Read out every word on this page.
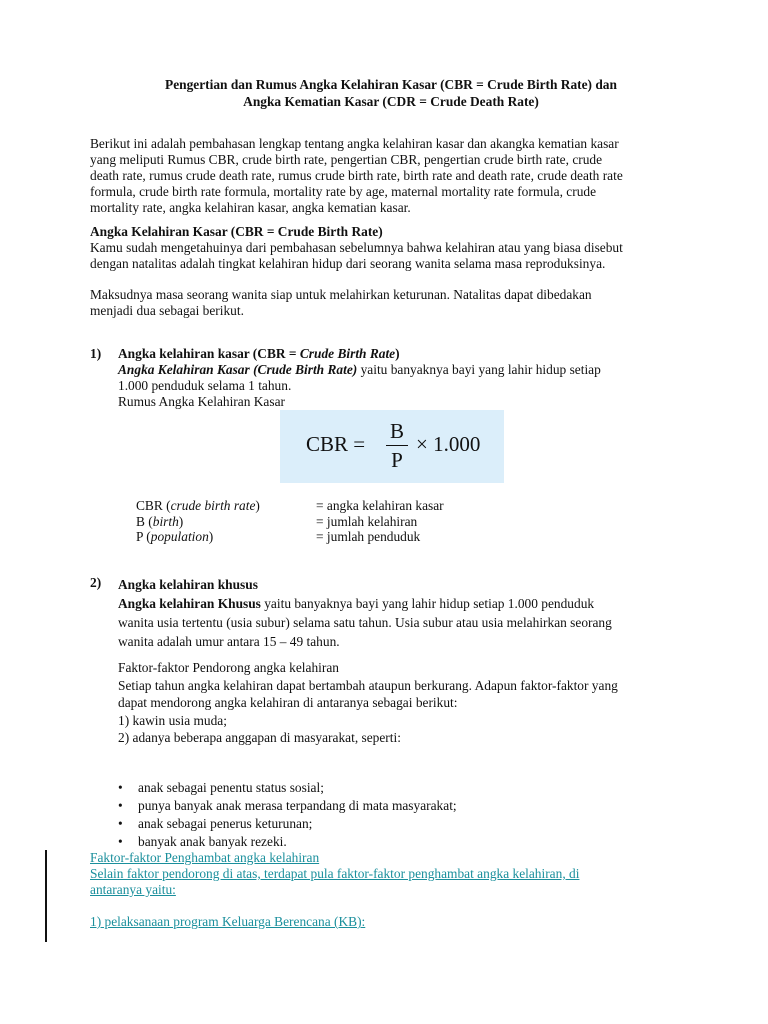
Pengertian dan Rumus Angka Kelahiran Kasar (CBR = Crude Birth Rate) dan
Angka Kematian Kasar (CDR = Crude Death Rate)
Berikut ini adalah pembahasan lengkap tentang angka kelahiran kasar dan akangka kematian kasar
yang meliputi Rumus CBR, crude birth rate, pengertian CBR, pengertian crude birth rate, crude
death rate, rumus crude death rate, rumus crude birth rate, birth rate and death rate, crude death rate
formula, crude birth rate formula, mortality rate by age, maternal mortality rate formula, crude
mortality rate, angka kelahiran kasar, angka kematian kasar.
Angka Kelahiran Kasar (CBR = Crude Birth Rate)
Kamu sudah mengetahuinya dari pembahasan sebelumnya bahwa kelahiran atau yang biasa disebut
dengan natalitas adalah tingkat kelahiran hidup dari seorang wanita selama masa reproduksinya.
Maksudnya masa seorang wanita siap untuk melahirkan keturunan. Natalitas dapat dibedakan
menjadi dua sebagai berikut.
1) Angka kelahiran kasar (CBR = Crude Birth Rate)
Angka Kelahiran Kasar (Crude Birth Rate) yaitu banyaknya bayi yang lahir hidup setiap
1.000 penduduk selama 1 tahun.
Rumus Angka Kelahiran Kasar
CBR =
B
P
× 1.000
CBR (crude birth rate)	= angka kelahiran kasar
B (birth)	= jumlah kelahiran
P (population)	= jumlah penduduk
2) Angka kelahiran khusus
Angka kelahiran Khusus yaitu banyaknya bayi yang lahir hidup setiap 1.000 penduduk
wanita usia tertentu (usia subur) selama satu tahun. Usia subur atau usia melahirkan seorang
wanita adalah umur antara 15 – 49 tahun.
Faktor-faktor Pendorong angka kelahiran
Setiap tahun angka kelahiran dapat bertambah ataupun berkurang. Adapun faktor-faktor yang
dapat mendorong angka kelahiran di antaranya sebagai berikut:
1) kawin usia muda;
2) adanya beberapa anggapan di masyarakat, seperti:
• anak sebagai penentu status sosial;
• punya banyak anak merasa terpandang di mata masyarakat;
• anak sebagai penerus keturunan;
• banyak anak banyak rezeki.
Faktor-faktor Penghambat angka kelahiran
Selain faktor pendorong di atas, terdapat pula faktor-faktor penghambat angka kelahiran, di
antaranya yaitu:
1) pelaksanaan program Keluarga Berencana (KB):
